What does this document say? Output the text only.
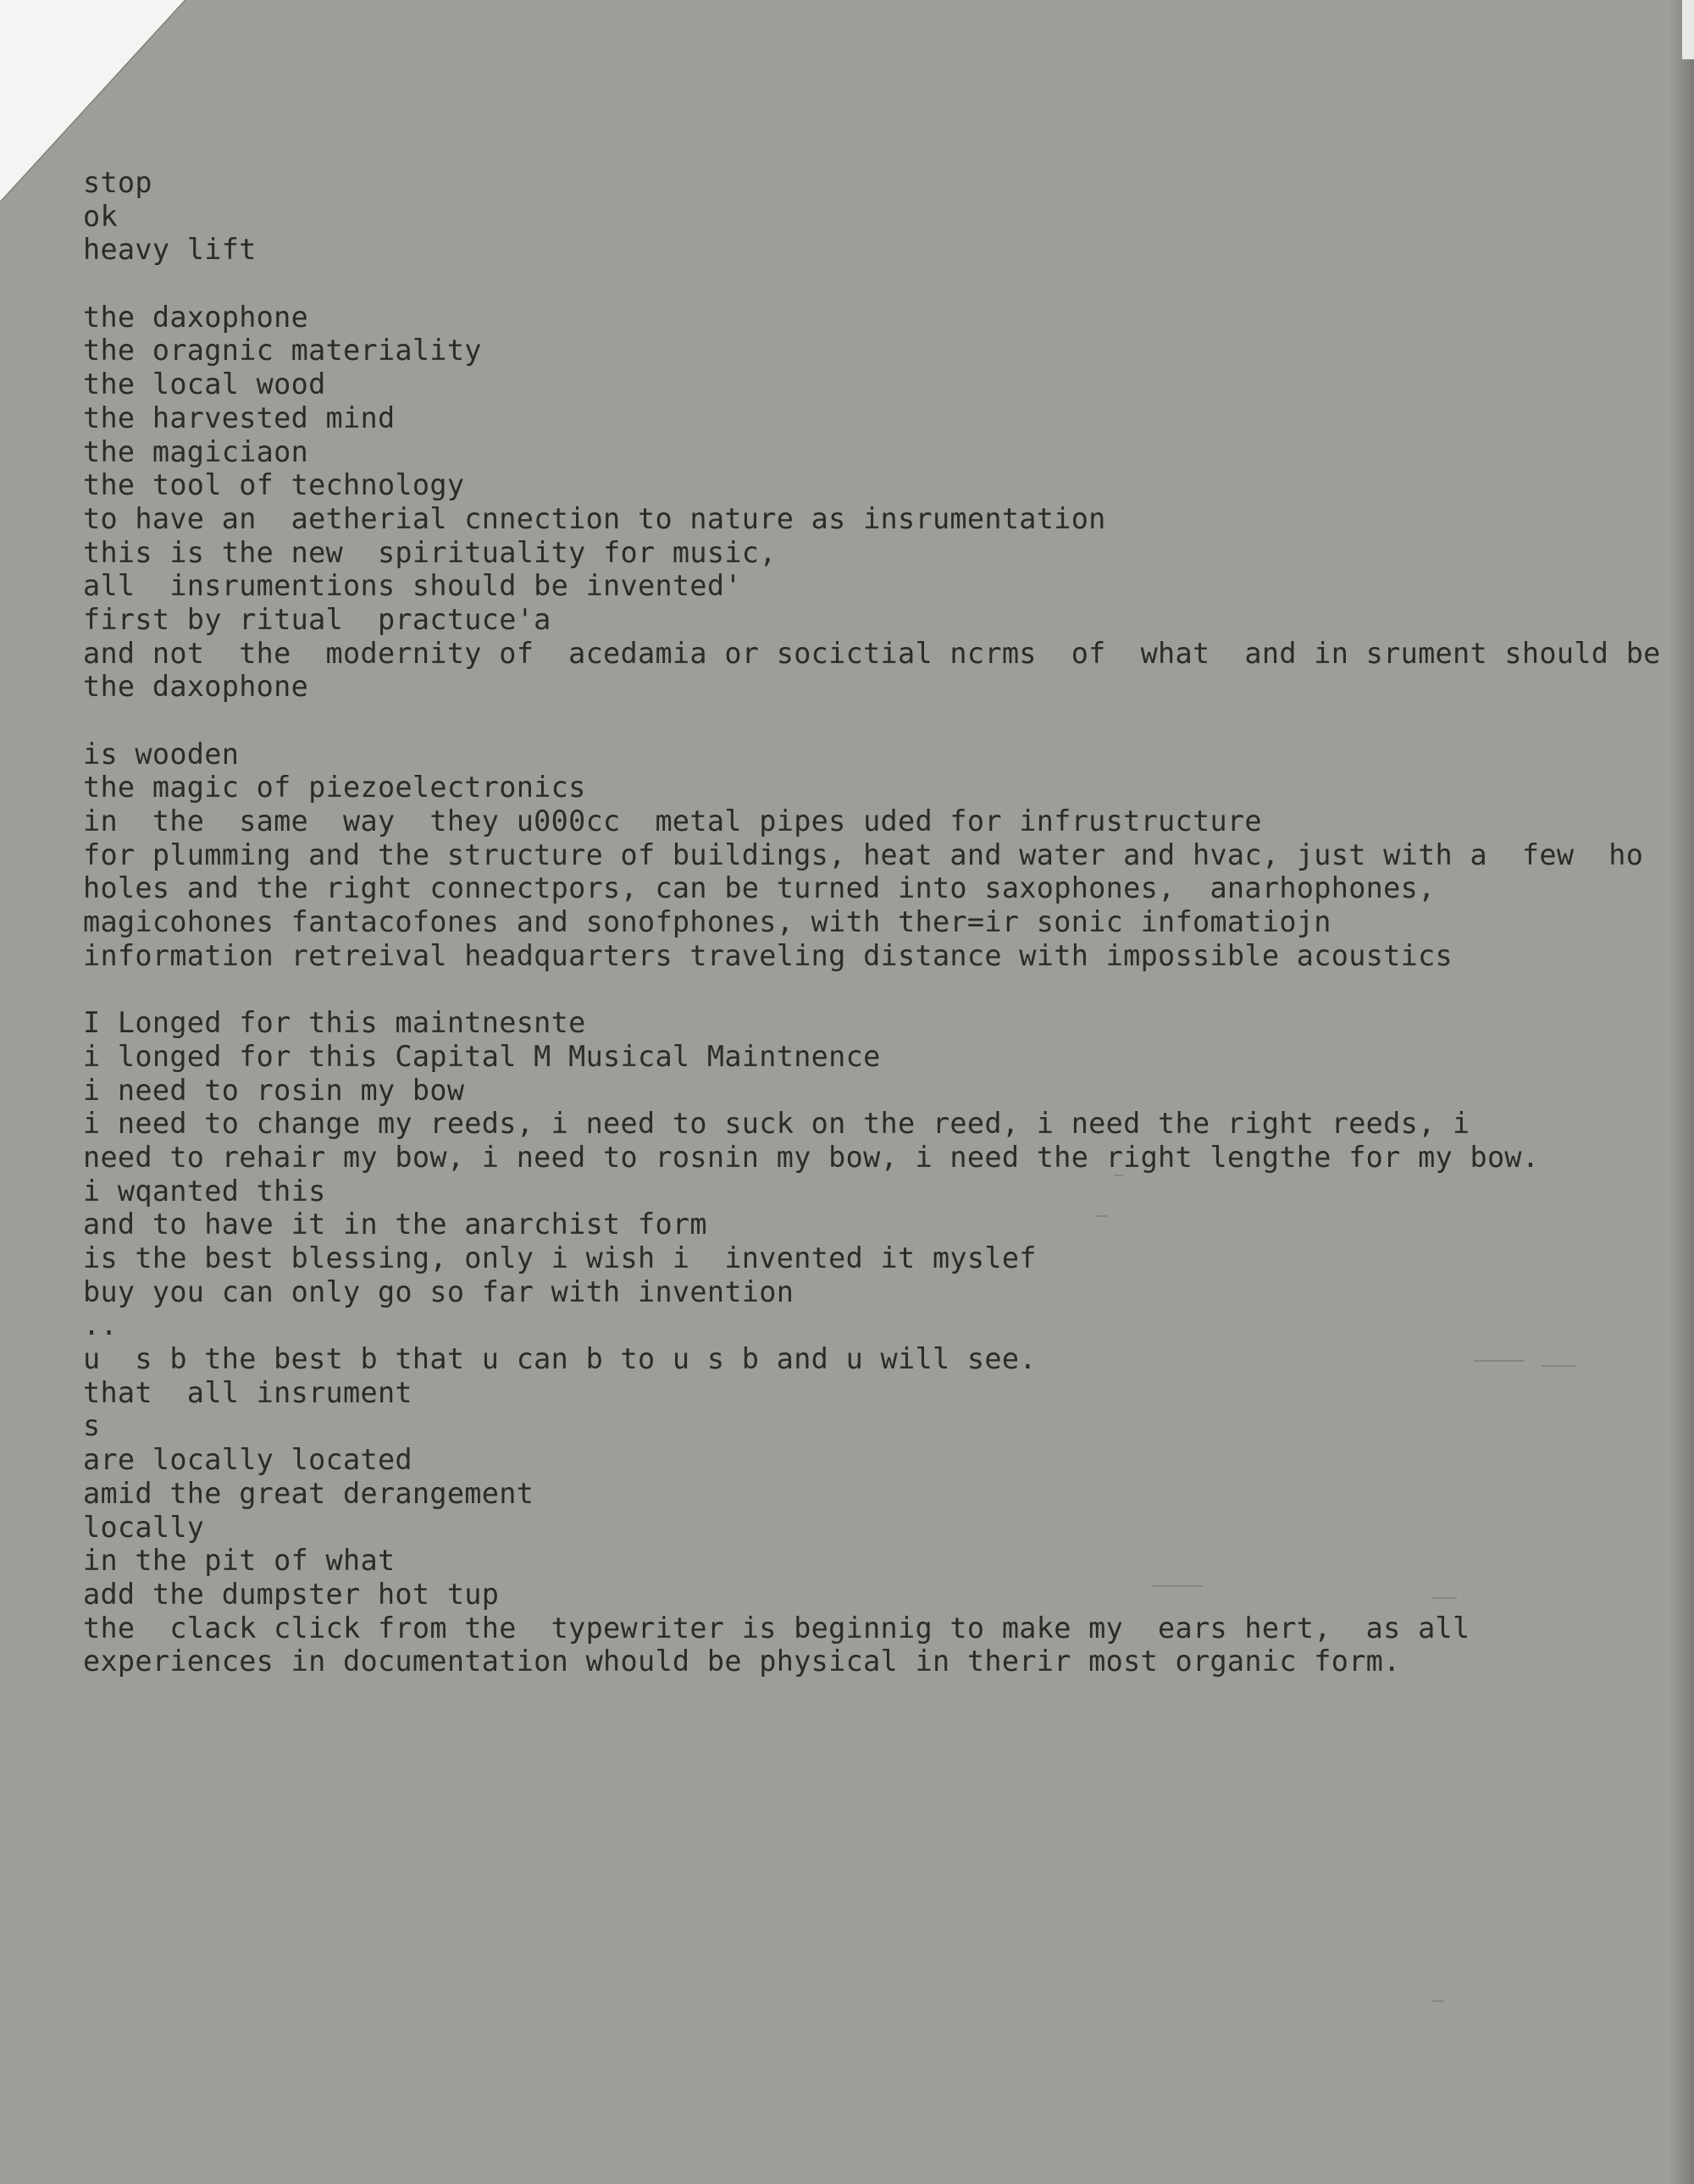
stop
ok
heavy lift
the daxophone
the oragnic materiality
the local wood
the harvested mind
the magiciaon
the tool of technology
to have an  aetherial cnnection to nature as insrumentation
this is the new  spirituality for music,
all  insrumentions should be invented'
first by ritual  practuce'a
and not  the  modernity of  acedamia or socictial ncrms  of  what  and in srument should be
the daxophone
is wooden
the magic of piezoelectronics
in  the  same  way  they u000cc  metal pipes uded for infrustructure
for plumming and the structure of buildings, heat and water and hvac, just with a  few  ho
holes and the right connectpors, can be turned into saxophones,  anarhophones,
magicohones fantacofones and sonofphones, with ther=ir sonic infomatiojn
information retreival headquarters traveling distance with impossible acoustics
I Longed for this maintnesnte
i longed for this Capital M Musical Maintnence
i need to rosin my bow
i need to change my reeds, i need to suck on the reed, i need the right reeds, i
need to rehair my bow, i need to rosnin my bow, i need the right lengthe for my bow.
i wqanted this
and to have it in the anarchist form
is the best blessing, only i wish i  invented it myslef
buy you can only go so far with invention
..
u  s b the best b that u can b to u s b and u will see.
that  all insrument
s
are locally located
amid the great derangement
locally
in the pit of what
add the dumpster hot tup
the  clack click from the  typewriter is beginnig to make my  ears hert,  as all
experiences in documentation whould be physical in therir most organic form.
